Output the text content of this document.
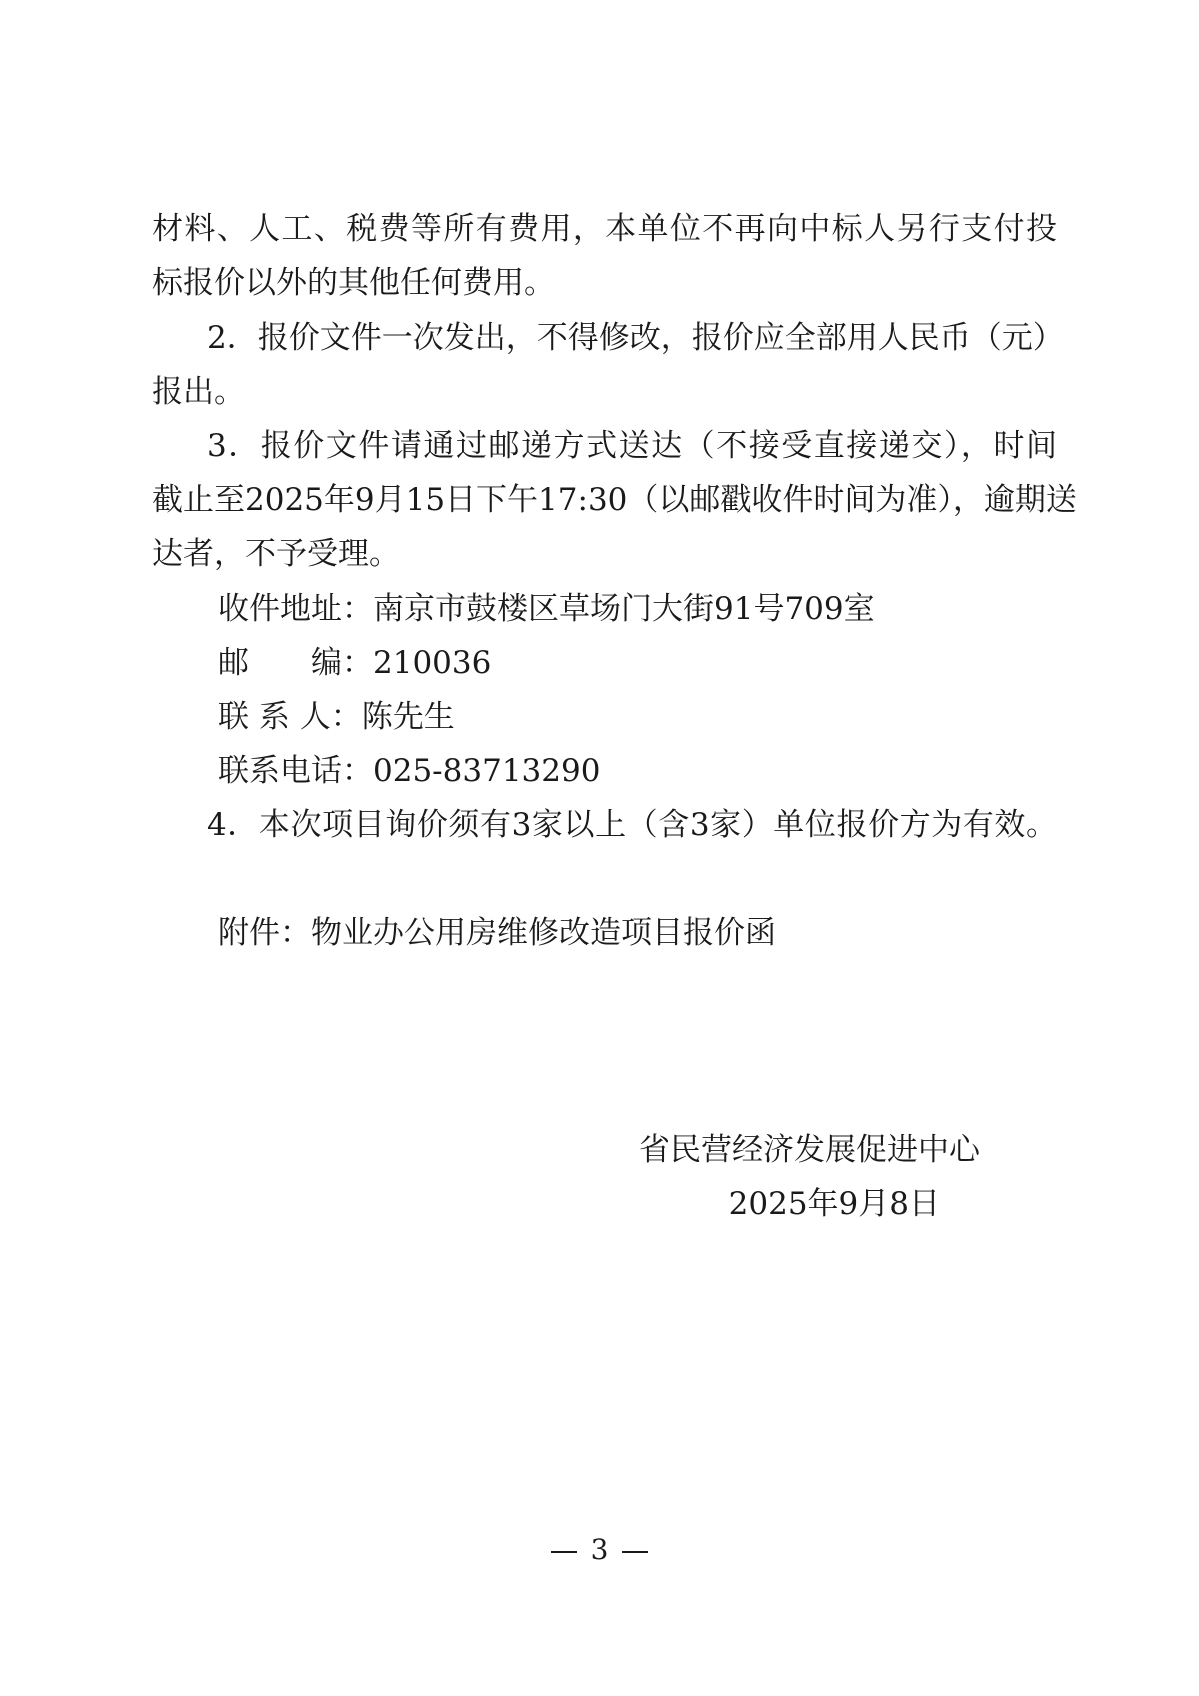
材料、人工、税费等所有费用，本单位不再向中标人另行支付投
标报价以外的其他任何费用。
2．报价文件一次发出，不得修改，报价应全部用人民币（元）
报出。
3．报价文件请通过邮递方式送达（不接受直接递交），时间
截止至2025年9月15日下午17:30（以邮戳收件时间为准），逾期送
达者，不予受理。
收件地址：南京市鼓楼区草场门大街91号709室
邮　　编：210036
联 系 人：陈先生
联系电话：025-83713290
4．本次项目询价须有3家以上（含3家）单位报价方为有效。
附件：物业办公用房维修改造项目报价函
省民营经济发展促进中心
2025年9月8日
3
